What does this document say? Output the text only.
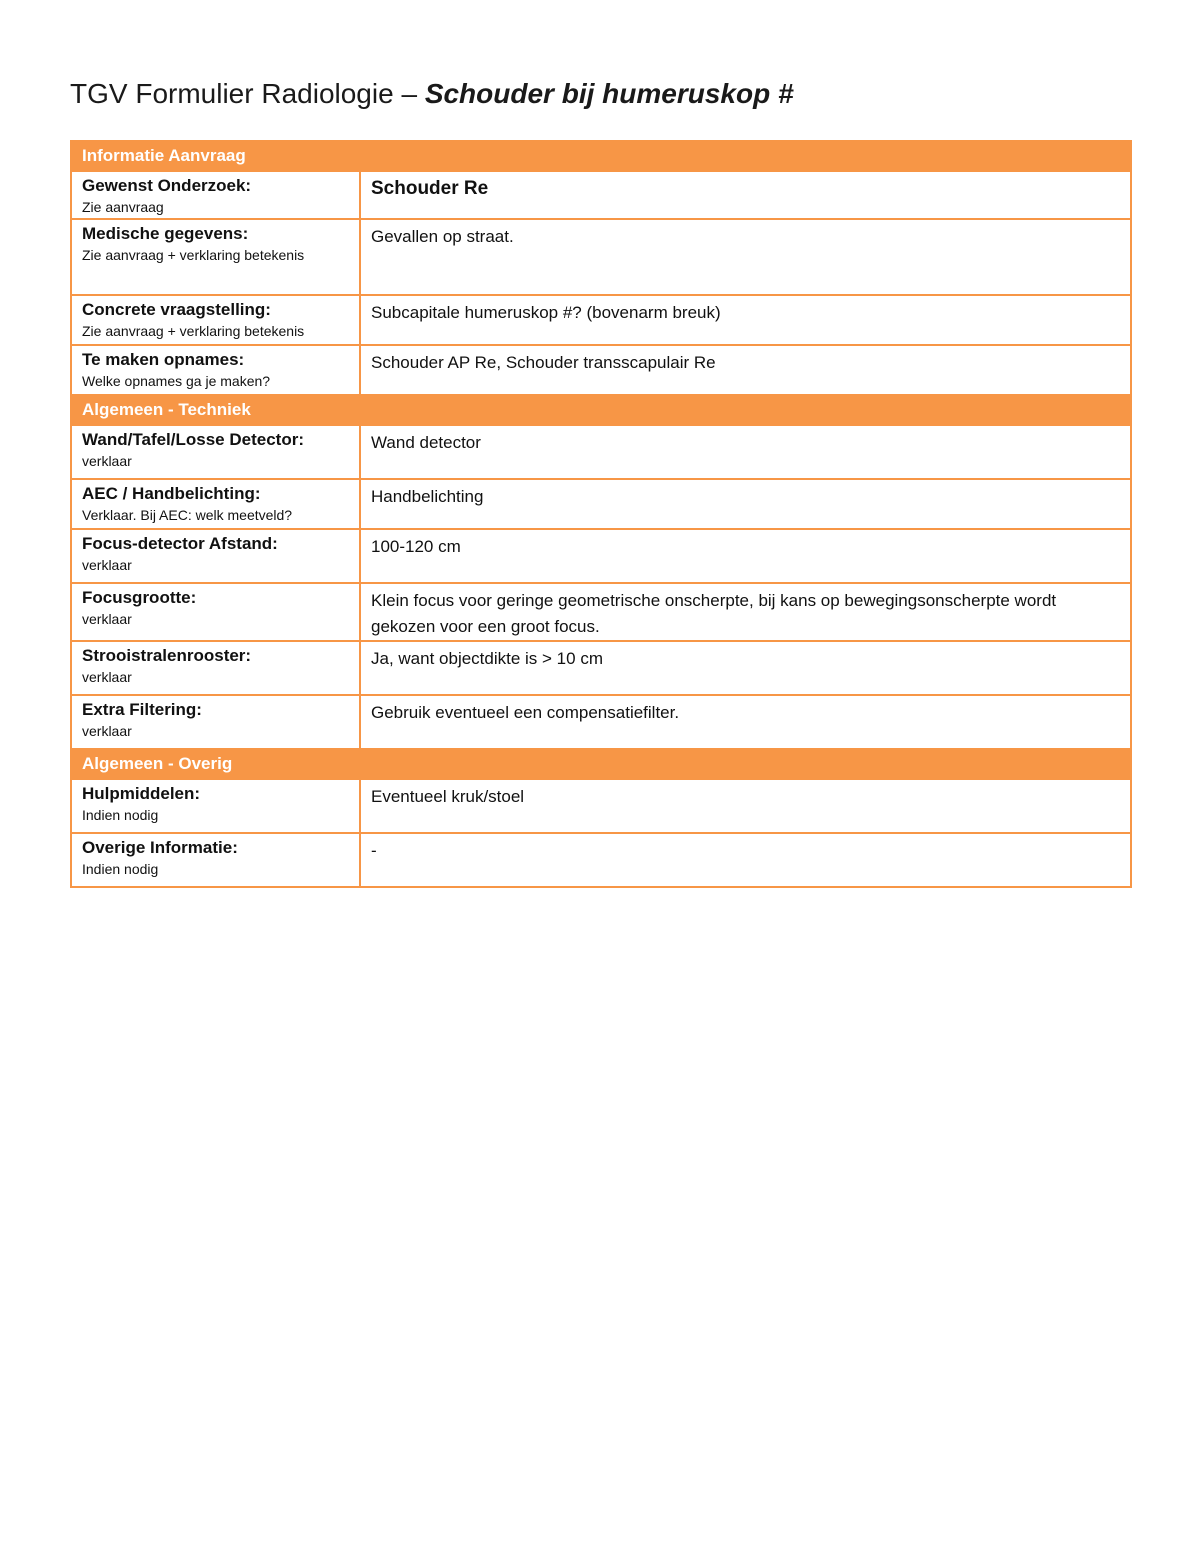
TGV Formulier Radiologie – Schouder bij humeruskop #
Informatie Aanvraag	

Gewenst Onderzoek:
Zie aanvraag	Schouder Re

Medische gegevens:
Zie aanvraag + verklaring betekenis	Gevallen op straat.

Concrete vraagstelling:
Zie aanvraag + verklaring betekenis	Subcapitale humeruskop #? (bovenarm breuk)

Te maken opnames:
Welke opnames ga je maken?	Schouder AP Re, Schouder transscapulair Re
Algemeen - Techniek	

Wand/Tafel/Losse Detector:
verklaar	Wand detector

AEC / Handbelichting:
Verklaar. Bij AEC: welk meetveld?	Handbelichting

Focus-detector Afstand:
verklaar	100-120 cm

Focusgrootte:
verklaar	Klein focus voor geringe geometrische onscherpte, bij kans op bewegingsonscherpte wordt gekozen voor een groot focus.

Strooistralenrooster:
verklaar	Ja, want objectdikte is > 10 cm

Extra Filtering:
verklaar	Gebruik eventueel een compensatiefilter.
Algemeen - Overig	

Hulpmiddelen:
Indien nodig	Eventueel kruk/stoel

Overige Informatie:
Indien nodig	-
